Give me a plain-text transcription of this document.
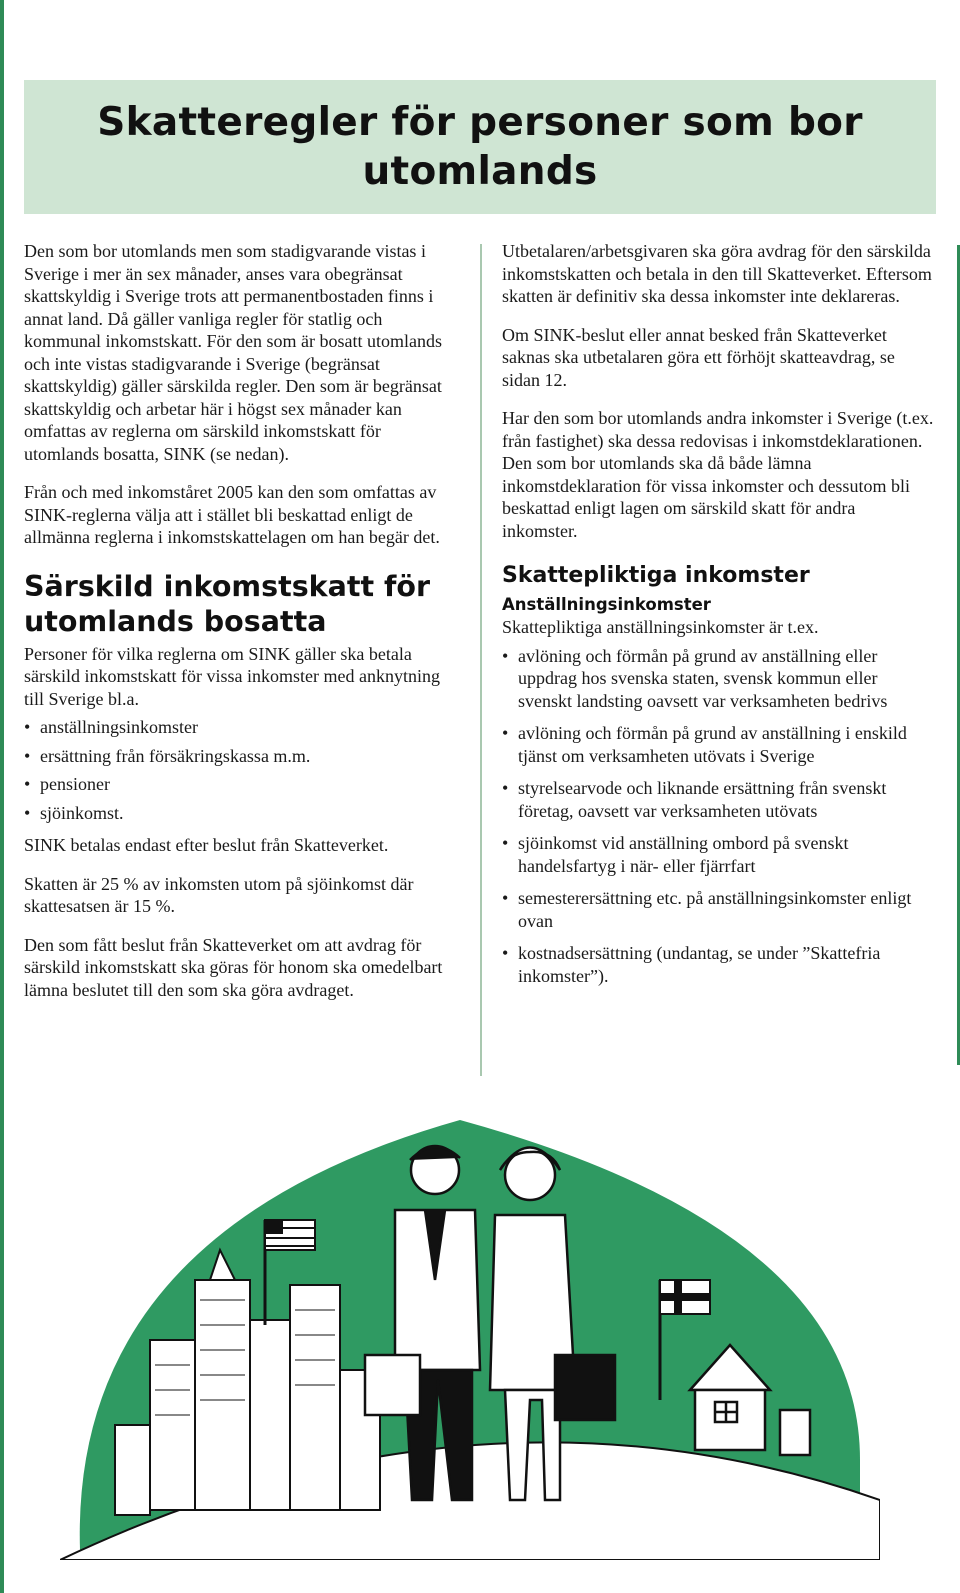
Skatteregler för personer som bor utomlands

Den som bor utomlands men som stadigvarande vistas i Sverige i mer än sex månader, anses vara obegränsat skattskyldig i Sverige trots att permanentbostaden finns i annat land. Då gäller vanliga regler för statlig och kommunal inkomstskatt. För den som är bosatt utomlands och inte vistas stadigvarande i Sverige (begränsat skattskyldig) gäller särskilda regler. Den som är begränsat skattskyldig och arbetar här i högst sex månader kan omfattas av reglerna om särskild inkomstskatt för utomlands bosatta, SINK (se nedan).

Från och med inkomståret 2005 kan den som omfattas av SINK-reglerna välja att i stället bli beskattad enligt de allmänna reglerna i inkomstskattelagen om han begär det.

Särskild inkomstskatt för utomlands bosatta

Personer för vilka reglerna om SINK gäller ska betala särskild inkomstskatt för vissa inkomster med anknytning till Sverige bl.a.

• anställningsinkomster
• ersättning från försäkringskassa m.m.
• pensioner
• sjöinkomst.

SINK betalas endast efter beslut från Skatteverket.

Skatten är 25 % av inkomsten utom på sjöinkomst där skattesatsen är 15 %.

Den som fått beslut från Skatteverket om att avdrag för särskild inkomstskatt ska göras för honom ska omedelbart lämna beslutet till den som ska göra avdraget.

Utbetalaren/arbetsgivaren ska göra avdrag för den särskilda inkomstskatten och betala in den till Skatteverket. Eftersom skatten är definitiv ska dessa inkomster inte deklareras.

Om SINK-beslut eller annat besked från Skatteverket saknas ska utbetalaren göra ett förhöjt skatteavdrag, se sidan 12.

Har den som bor utomlands andra inkomster i Sverige (t.ex. från fastighet) ska dessa redovisas i inkomstdeklarationen. Den som bor utomlands ska då både lämna inkomstdeklaration för vissa inkomster och dessutom bli beskattad enligt lagen om särskild skatt för andra inkomster.

Skattepliktiga inkomster
Anställningsinkomster

Skattepliktiga anställningsinkomster är t.ex.

• avlöning och förmån på grund av anställning eller uppdrag hos svenska staten, svensk kommun eller svenskt landsting oavsett var verksamheten bedrivs
• avlöning och förmån på grund av anställning i enskild tjänst om verksamheten utövats i Sverige
• styrelsearvode och liknande ersättning från svenskt företag, oavsett var verksamheten utövats
• sjöinkomst vid anställning ombord på svenskt handelsfartyg i när- eller fjärrfart
• semesterersättning etc. på anställningsinkomster enligt ovan
• kostnadsersättning (undantag, se under ”Skattefria inkomster”).
